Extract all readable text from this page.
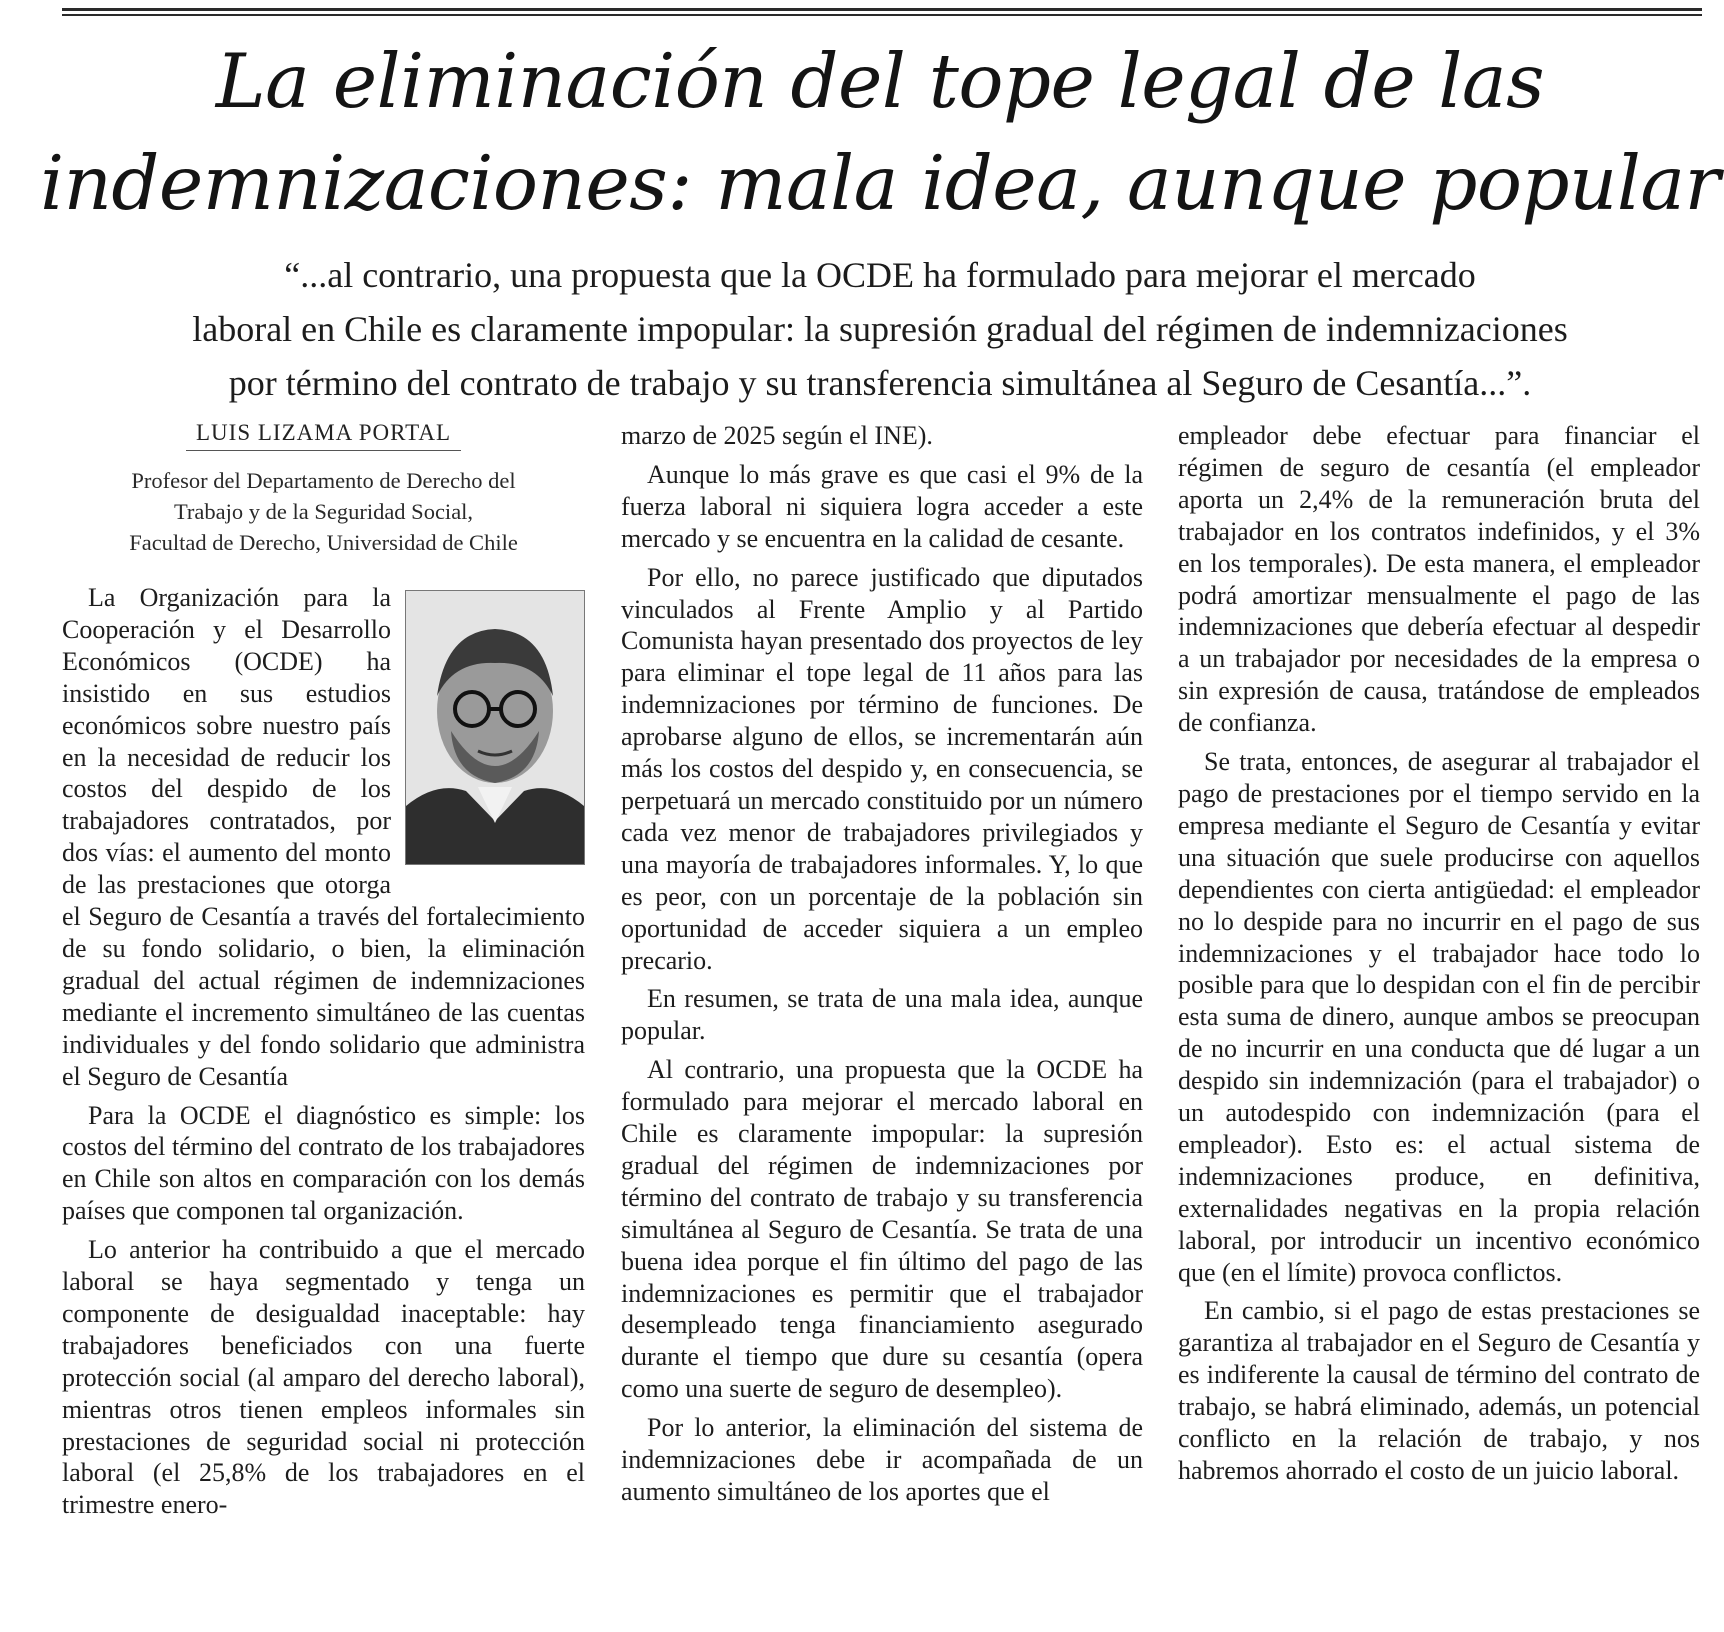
La eliminación del tope legal de las
indemnizaciones: mala idea, aunque popular
“...al contrario, una propuesta que la OCDE ha formulado para mejorar el mercado
laboral en Chile es claramente impopular: la supresión gradual del régimen de indemnizaciones
por término del contrato de trabajo y su transferencia simultánea al Seguro de Cesantía...”.
LUIS LIZAMA PORTAL
Profesor del Departamento de Derecho del
Trabajo y de la Seguridad Social,
Facultad de Derecho, Universidad de Chile

La Organización para la Cooperación y el Desarrollo Económicos (OCDE) ha insistido en sus estudios económicos sobre nuestro país en la necesidad de reducir los costos del despido de los trabajadores contratados, por dos vías: el aumento del monto de las prestaciones que otorga el Seguro de Cesantía a través del fortalecimiento de su fondo solidario, o bien, la eliminación gradual del actual régimen de indemnizaciones mediante el incremento simultáneo de las cuentas individuales y del fondo solidario que administra el Seguro de Cesantía

Para la OCDE el diagnóstico es simple: los costos del término del contrato de los trabajadores en Chile son altos en comparación con los demás países que componen tal organización.

Lo anterior ha contribuido a que el mercado laboral se haya segmentado y tenga un componente de desigualdad inaceptable: hay trabajadores beneficiados con una fuerte protección social (al amparo del derecho laboral), mientras otros tienen empleos informales sin prestaciones de seguridad social ni protección laboral (el 25,8% de los trabajadores en el trimestre enero-

marzo de 2025 según el INE).

Aunque lo más grave es que casi el 9% de la fuerza laboral ni siquiera logra acceder a este mercado y se encuentra en la calidad de cesante.

Por ello, no parece justificado que diputados vinculados al Frente Amplio y al Partido Comunista hayan presentado dos proyectos de ley para eliminar el tope legal de 11 años para las indemnizaciones por término de funciones. De aprobarse alguno de ellos, se incrementarán aún más los costos del despido y, en consecuencia, se perpetuará un mercado constituido por un número cada vez menor de trabajadores privilegiados y una mayoría de trabajadores informales. Y, lo que es peor, con un porcentaje de la población sin oportunidad de acceder siquiera a un empleo precario.

En resumen, se trata de una mala idea, aunque popular.

Al contrario, una propuesta que la OCDE ha formulado para mejorar el mercado laboral en Chile es claramente impopular: la supresión gradual del régimen de indemnizaciones por término del contrato de trabajo y su transferencia simultánea al Seguro de Cesantía. Se trata de una buena idea porque el fin último del pago de las indemnizaciones es permitir que el trabajador desempleado tenga financiamiento asegurado durante el tiempo que dure su cesantía (opera como una suerte de seguro de desempleo).

Por lo anterior, la eliminación del sistema de indemnizaciones debe ir acompañada de un aumento simultáneo de los aportes que el

empleador debe efectuar para financiar el régimen de seguro de cesantía (el empleador aporta un 2,4% de la remuneración bruta del trabajador en los contratos indefinidos, y el 3% en los temporales). De esta manera, el empleador podrá amortizar mensualmente el pago de las indemnizaciones que debería efectuar al despedir a un trabajador por necesidades de la empresa o sin expresión de causa, tratándose de empleados de confianza.

Se trata, entonces, de asegurar al trabajador el pago de prestaciones por el tiempo servido en la empresa mediante el Seguro de Cesantía y evitar una situación que suele producirse con aquellos dependientes con cierta antigüedad: el empleador no lo despide para no incurrir en el pago de sus indemnizaciones y el trabajador hace todo lo posible para que lo despidan con el fin de percibir esta suma de dinero, aunque ambos se preocupan de no incurrir en una conducta que dé lugar a un despido sin indemnización (para el trabajador) o un autodespido con indemnización (para el empleador). Esto es: el actual sistema de indemnizaciones produce, en definitiva, externalidades negativas en la propia relación laboral, por introducir un incentivo económico que (en el límite) provoca conflictos.

En cambio, si el pago de estas prestaciones se garantiza al trabajador en el Seguro de Cesantía y es indiferente la causal de término del contrato de trabajo, se habrá eliminado, además, un potencial conflicto en la relación de trabajo, y nos habremos ahorrado el costo de un juicio laboral.
